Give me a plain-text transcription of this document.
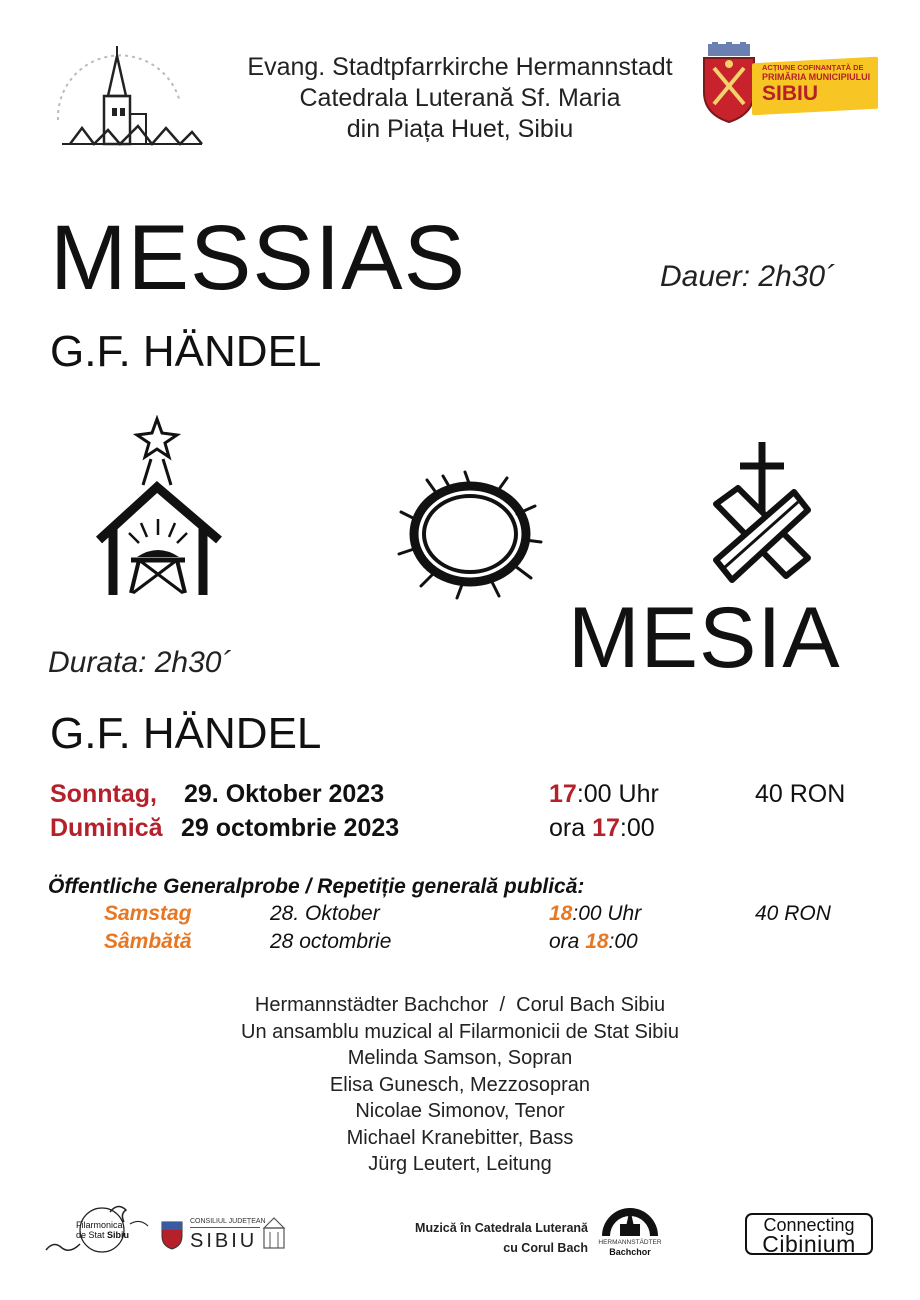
Evang. Stadtpfarrkirche Hermannstadt
Catedrala Luterană Sf. Maria
din Piața Huet, Sibiu
ACȚIUNE COFINANȚATĂ DE
PRIMĂRIA MUNICIPIULUI
SIBIU
MESSIAS	Dauer: 2h30´
G.F. HÄNDEL
MESIA
Durata: 2h30´
G.F. HÄNDEL
Sonntag, 29. Oktober 2023	17:00 Uhr	40 RON
Duminică 29 octombrie 2023	ora 17:00
Öffentliche Generalprobe / Repetiție generală publică:
Samstag	28. Oktober	18:00 Uhr	40 RON
Sâmbătă	28 octombrie	ora 18:00
Hermannstädter Bachchor  /  Corul Bach Sibiu
Un ansamblu muzical al Filarmonicii de Stat Sibiu
Melinda Samson, Sopran
Elisa Gunesch, Mezzosopran
Nicolae Simonov, Tenor
Michael Kranebitter, Bass
Jürg Leutert, Leitung
Filarmonica
de Stat Sibiu
CONSILIUL JUDEȚEAN
SIBIU
Muzică în Catedrala Luterană
cu Corul Bach	HERMANNSTÄDTER
Bachchor
Connecting
Cibinium
